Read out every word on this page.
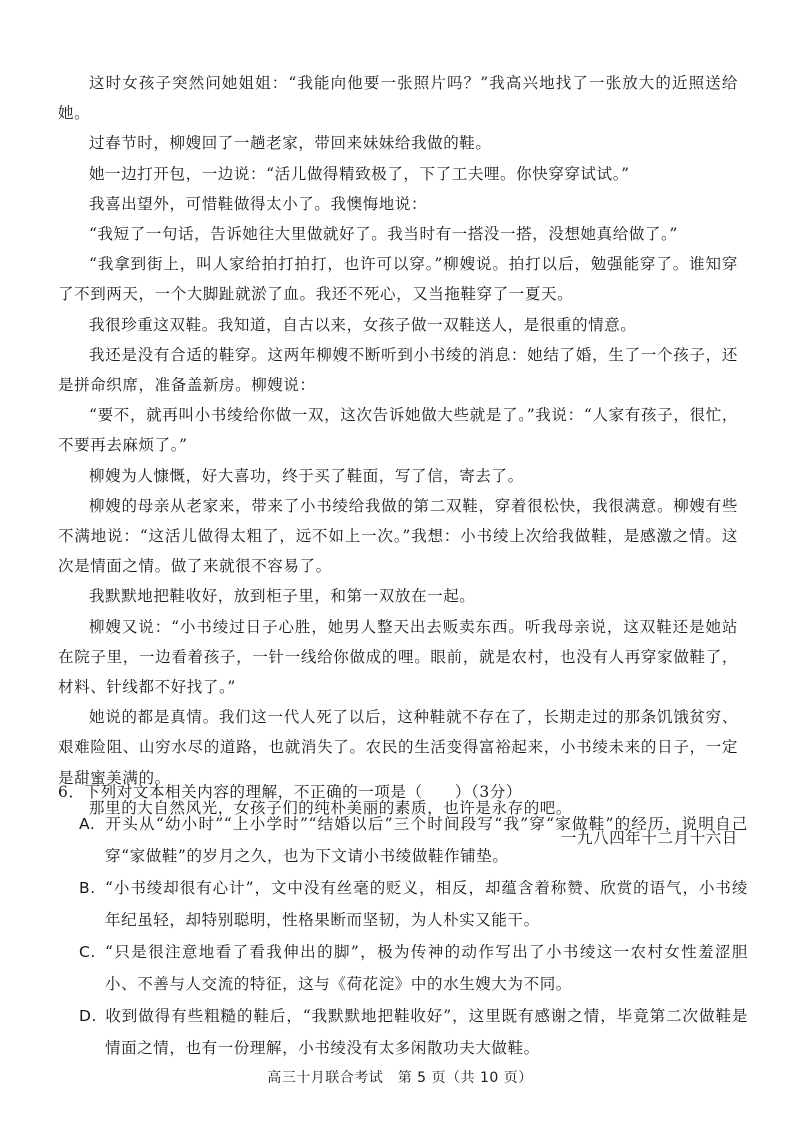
这时女孩子突然问她姐姐：“我能向他要一张照片吗？”我高兴地找了一张放大的近照送给她。

过春节时，柳嫂回了一趟老家，带回来妹妹给我做的鞋。

她一边打开包，一边说：“活儿做得精致极了，下了工夫哩。你快穿穿试试。”

我喜出望外，可惜鞋做得太小了。我懊悔地说：

“我短了一句话，告诉她往大里做就好了。我当时有一搭没一搭，没想她真给做了。”

“我拿到街上，叫人家给拍打拍打，也许可以穿。”柳嫂说。拍打以后，勉强能穿了。谁知穿了不到两天，一个大脚趾就淤了血。我还不死心，又当拖鞋穿了一夏天。

我很珍重这双鞋。我知道，自古以来，女孩子做一双鞋送人，是很重的情意。

我还是没有合适的鞋穿。这两年柳嫂不断听到小书绫的消息：她结了婚，生了一个孩子，还是拼命织席，准备盖新房。柳嫂说：

“要不，就再叫小书绫给你做一双，这次告诉她做大些就是了。”我说：“人家有孩子，很忙，不要再去麻烦了。”

柳嫂为人慷慨，好大喜功，终于买了鞋面，写了信，寄去了。

柳嫂的母亲从老家来，带来了小书绫给我做的第二双鞋，穿着很松快，我很满意。柳嫂有些不满地说：“这活儿做得太粗了，远不如上一次。”我想：小书绫上次给我做鞋，是感激之情。这次是情面之情。做了来就很不容易了。

我默默地把鞋收好，放到柜子里，和第一双放在一起。

柳嫂又说：“小书绫过日子心胜，她男人整天出去贩卖东西。听我母亲说，这双鞋还是她站在院子里，一边看着孩子，一针一线给你做成的哩。眼前，就是农村，也没有人再穿家做鞋了，材料、针线都不好找了。”

她说的都是真情。我们这一代人死了以后，这种鞋就不存在了，长期走过的那条饥饿贫穷、艰难险阻、山穷水尽的道路，也就消失了。农民的生活变得富裕起来，小书绫未来的日子，一定是甜蜜美满的。

那里的大自然风光，女孩子们的纯朴美丽的素质，也许是永存的吧。

一九八四年十二月十六日

6．下列对文本相关内容的理解，不正确的一项是（　　）（3分）

A. 开头从“幼小时”“上小学时”“结婚以后”三个时间段写“我”穿“家做鞋”的经历，说明自己穿“家做鞋”的岁月之久，也为下文请小书绫做鞋作铺垫。

B. “小书绫却很有心计”，文中没有丝毫的贬义，相反，却蕴含着称赞、欣赏的语气，小书绫年纪虽轻，却特别聪明，性格果断而坚韧，为人朴实又能干。

C. “只是很注意地看了看我伸出的脚”，极为传神的动作写出了小书绫这一农村女性羞涩胆小、不善与人交流的特征，这与《荷花淀》中的水生嫂大为不同。

D. 收到做得有些粗糙的鞋后，“我默默地把鞋收好”，这里既有感谢之情，毕竟第二次做鞋是情面之情，也有一份理解，小书绫没有太多闲散功夫大做鞋。

高三十月联合考试　第 5 页（共 10 页）
